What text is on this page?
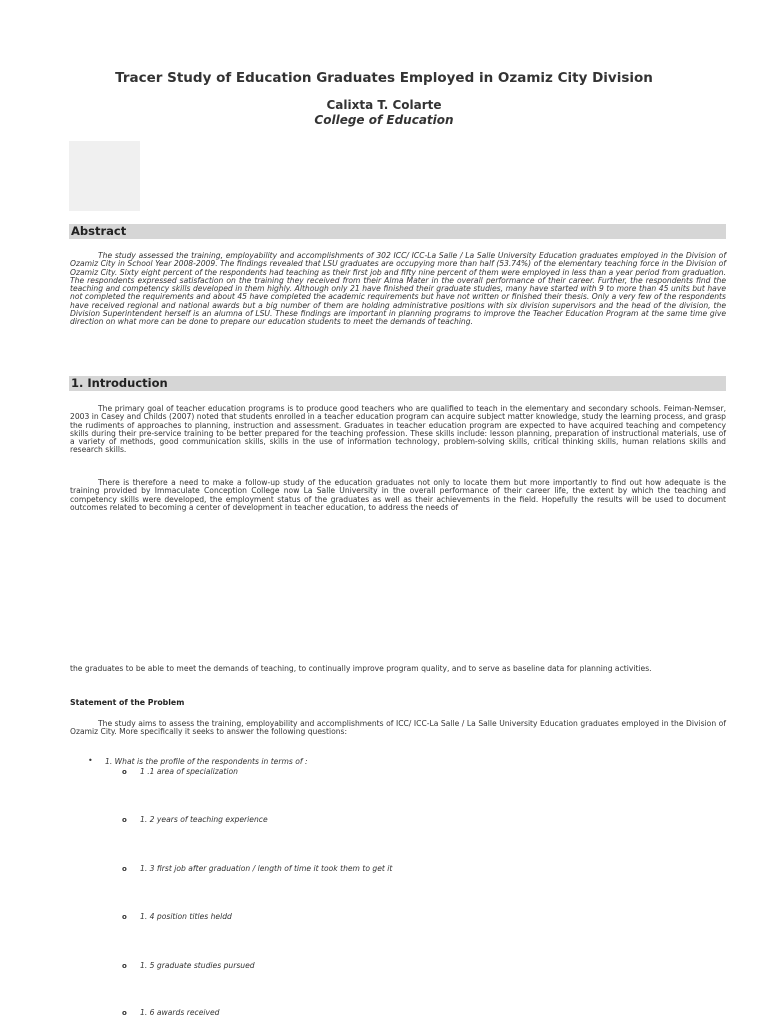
Tracer Study of Education Graduates Employed in Ozamiz City Division
Calixta T. Colarte
College of Education
Abstract

The study assessed the training, employability and accomplishments of 302 ICC/ ICC-La Salle / La Salle University Education graduates employed in the Division of Ozamiz City in School Year 2008-2009. The findings revealed that LSU graduates are occupying more than half (53.74%) of the elementary teaching force in the Division of Ozamiz City. Sixty eight percent of the respondents had teaching as their first job and fifty nine percent of them were employed in less than a year period from graduation. The respondents expressed satisfaction on the training they received from their Alma Mater in the overall performance of their career. Further, the respondents find the teaching and competency skills developed in them highly. Although only 21 have finished their graduate studies, many have started with 9 to more than 45 units but have not completed the requirements and about 45 have completed the academic requirements but have not written or finished their thesis. Only a very few of the respondents have received regional and national awards but a big number of them are holding administrative positions with six division supervisors and the head of the division, the Division Superintendent herself is an alumna of LSU. These findings are important in planning programs to improve the Teacher Education Program at the same time give direction on what more can be done to prepare our education students to meet the demands of teaching.

1. Introduction

The primary goal of teacher education programs is to produce good teachers who are qualified to teach in the elementary and secondary schools. Feiman-Nemser, 2003 in Casey and Childs (2007) noted that students enrolled in a teacher education program can acquire subject matter knowledge, study the learning process, and grasp the rudiments of approaches to planning, instruction and assessment. Graduates in teacher education program are expected to have acquired teaching and competency skills during their pre-service training to be better prepared for the teaching profession. These skills include: lesson planning, preparation of instructional materials, use of a variety of methods, good communication skills, skills in the use of information technology, problem-solving skills, critical thinking skills, human relations skills and research skills.

There is therefore a need to make a follow-up study of the education graduates not only to locate them but more importantly to find out how adequate is the training provided by Immaculate Conception College now La Salle University in the overall performance of their career life, the extent by which the teaching and competency skills were developed, the employment status of the graduates as well as their achievements in the field. Hopefully the results will be used to document outcomes related to becoming a center of development in teacher education, to address the needs of

the graduates to be able to meet the demands of teaching, to continually improve program quality, and to serve as baseline data for planning activities.

Statement of the Problem

The study aims to assess the training, employability and accomplishments of ICC/ ICC-La Salle / La Salle University Education graduates employed in the Division of Ozamiz City. More specifically it seeks to answer the following questions:

• 1. What is the profile of the respondents in terms of :
o 1 .1 area of specialization
o 1. 2 years of teaching experience
o 1. 3 first job after graduation / length of time it took them to get it
o 1. 4 position titles heldd
o 1. 5 graduate studies pursued
o 1. 6 awards received
